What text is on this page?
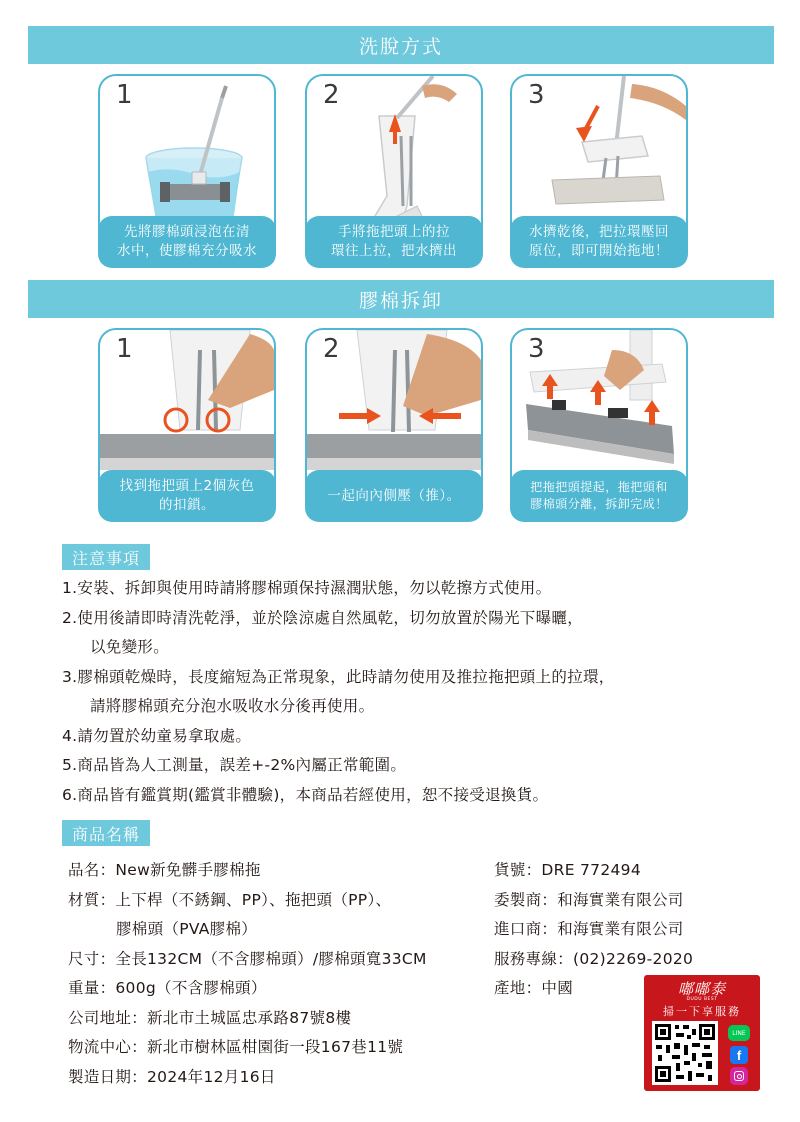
洗脫方式
1
先將膠棉頭浸泡在清
水中，使膠棉充分吸水
2
手將拖把頭上的拉
環往上拉，把水擠出
3
水擠乾後，把拉環壓回
原位，即可開始拖地！
膠棉拆卸
1
找到拖把頭上2個灰色
的扣鎖。
2
一起向內側壓（推）。
3
把拖把頭提起，拖把頭和
膠棉頭分離，拆卸完成！
注意事項
1.安裝、拆卸與使用時請將膠棉頭保持濕潤狀態，勿以乾擦方式使用。
2.使用後請即時清洗乾淨，並於陰涼處自然風乾，切勿放置於陽光下曝曬，
以免變形。
3.膠棉頭乾燥時，長度縮短為正常現象，此時請勿使用及推拉拖把頭上的拉環，
請將膠棉頭充分泡水吸收水分後再使用。
4.請勿置於幼童易拿取處。
5.商品皆為人工測量，誤差+-2%內屬正常範圍。
6.商品皆有鑑賞期(鑑賞非體驗)，本商品若經使用，恕不接受退換貨。
商品名稱
品名：New新免髒手膠棉拖
材質：上下桿（不銹鋼、PP）、拖把頭（PP）、
膠棉頭（PVA膠棉）
尺寸：全長132CM（不含膠棉頭）/膠棉頭寬33CM
重量：600g（不含膠棉頭）
公司地址：新北市土城區忠承路87號8樓
物流中心：新北市樹林區柑園街一段167巷11號
製造日期：2024年12月16日
貨號：DRE 772494
委製商：和海實業有限公司
進口商：和海實業有限公司
服務專線：(02)2269-2020
產地：中國	嘟嘟泰
DUDU BEST
掃一下享服務
LINE
f
